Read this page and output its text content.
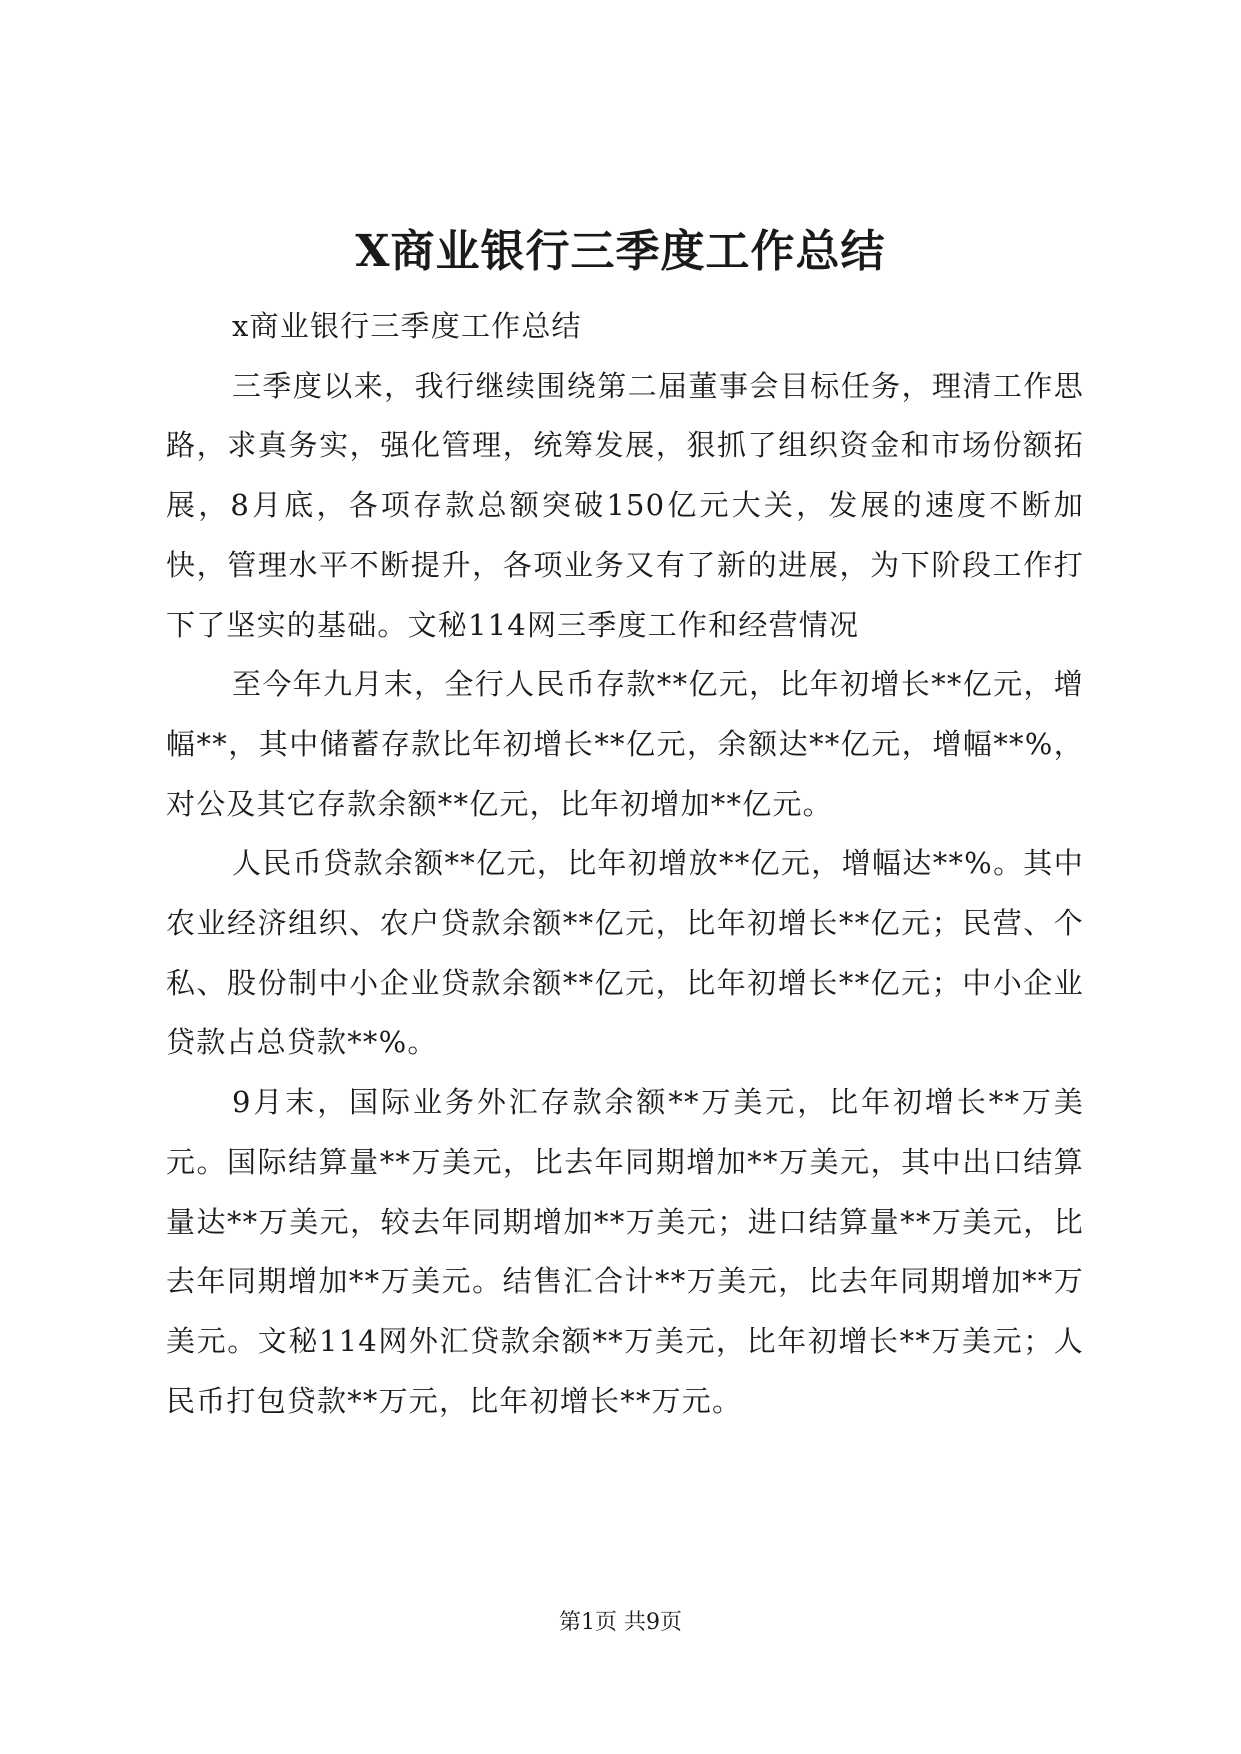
X商业银行三季度工作总结

x商业银行三季度工作总结

三季度以来，我行继续围绕第二届董事会目标任务，理清工作思路，求真务实，强化管理，统筹发展，狠抓了组织资金和市场份额拓展，8月底，各项存款总额突破150亿元大关，发展的速度不断加快，管理水平不断提升，各项业务又有了新的进展，为下阶段工作打下了坚实的基础。文秘114网三季度工作和经营情况

至今年九月末，全行人民币存款**亿元，比年初增长**亿元，增幅**，其中储蓄存款比年初增长**亿元，余额达**亿元，增幅**%，对公及其它存款余额**亿元，比年初增加**亿元。

人民币贷款余额**亿元，比年初增放**亿元，增幅达**%。其中农业经济组织、农户贷款余额**亿元，比年初增长**亿元；民营、个私、股份制中小企业贷款余额**亿元，比年初增长**亿元；中小企业贷款占总贷款**%。

9月末，国际业务外汇存款余额**万美元，比年初增长**万美元。国际结算量**万美元，比去年同期增加**万美元，其中出口结算量达**万美元，较去年同期增加**万美元；进口结算量**万美元，比去年同期增加**万美元。结售汇合计**万美元，比去年同期增加**万美元。文秘114网外汇贷款余额**万美元，比年初增长**万美元；人民币打包贷款**万元，比年初增长**万元。

第1页 共9页
